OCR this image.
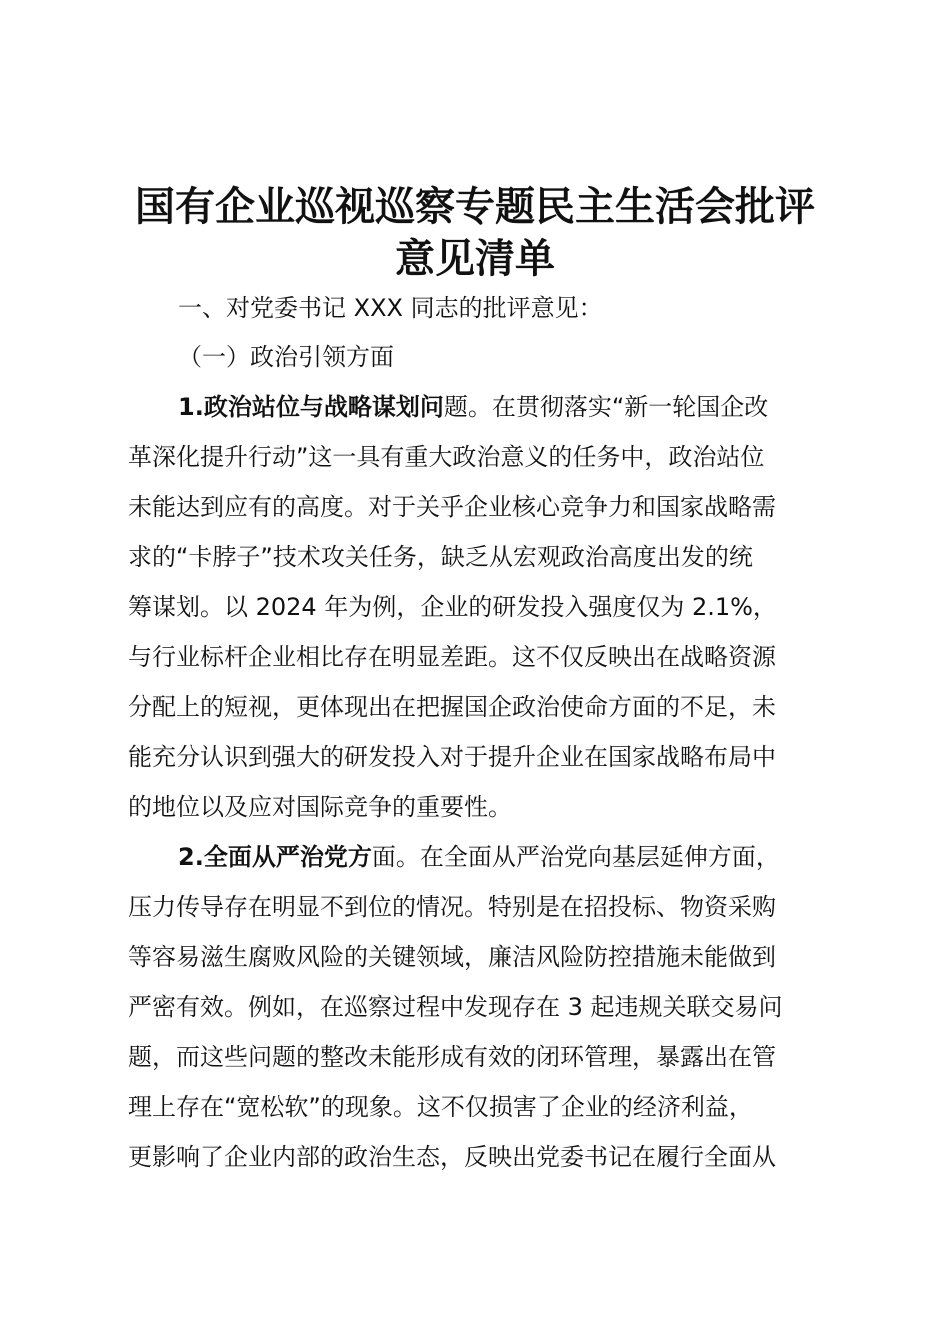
国有企业巡视巡察专题民主生活会批评
意见清单

一、对党委书记 XXX 同志的批评意见：

（一）政治引领方面

1.政治站位与战略谋划问题。在贯彻落实“新一轮国企改

革深化提升行动”这一具有重大政治意义的任务中，政治站位

未能达到应有的高度。对于关乎企业核心竞争力和国家战略需

求的“卡脖子”技术攻关任务，缺乏从宏观政治高度出发的统

筹谋划。以 2024 年为例，企业的研发投入强度仅为 2.1%，

与行业标杆企业相比存在明显差距。这不仅反映出在战略资源

分配上的短视，更体现出在把握国企政治使命方面的不足，未

能充分认识到强大的研发投入对于提升企业在国家战略布局中

的地位以及应对国际竞争的重要性。

2.全面从严治党方面。在全面从严治党向基层延伸方面，

压力传导存在明显不到位的情况。特别是在招投标、物资采购

等容易滋生腐败风险的关键领域，廉洁风险防控措施未能做到

严密有效。例如，在巡察过程中发现存在 3 起违规关联交易问

题，而这些问题的整改未能形成有效的闭环管理，暴露出在管

理上存在“宽松软”的现象。这不仅损害了企业的经济利益，

更影响了企业内部的政治生态，反映出党委书记在履行全面从
